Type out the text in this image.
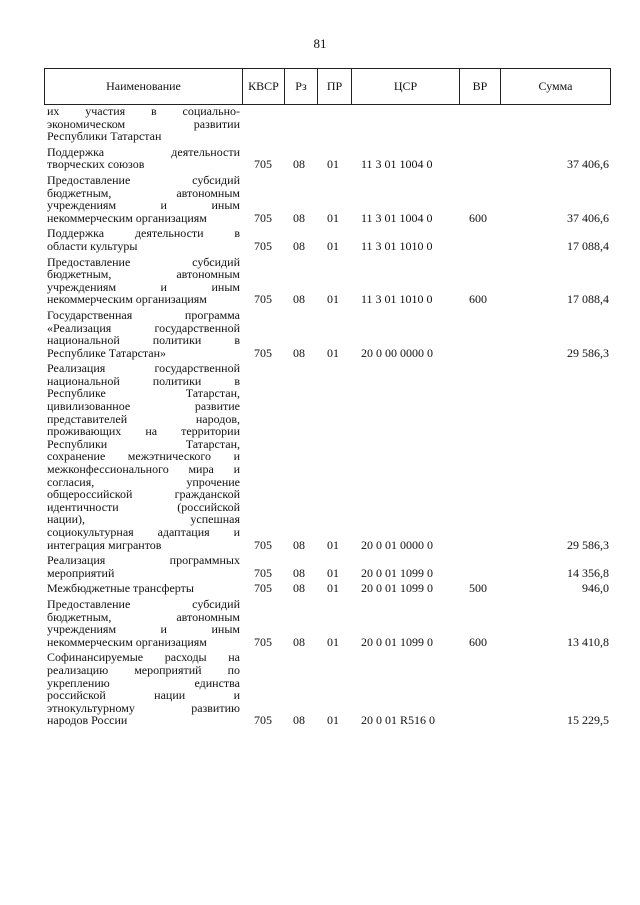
81
Наименование	КВСР	Рз	ПР	ЦСР	ВР	Сумма
их участия в социально-
экономическом развитии
Республики Татарстан
Поддержка деятельности
творческих союзов	705 08 01 11 3 01 1004 0	37 406,6
Предоставление субсидий
бюджетным, автономным
учреждениям и иным
некоммерческим организациям	705 08 01 11 3 01 1004 0	600	37 406,6
Поддержка деятельности в
области культуры	705 08 01 11 3 01 1010 0	17 088,4
Предоставление субсидий
бюджетным, автономным
учреждениям и иным
некоммерческим организациям	705 08 01 11 3 01 1010 0	600	17 088,4
Государственная программа
«Реализация государственной
национальной политики в
Республике Татарстан»	705 08 01 20 0 00 0000 0	29 586,3
Реализация государственной
национальной политики в
Республике Татарстан,
цивилизованное развитие
представителей народов,
проживающих на территории
Республики Татарстан,
сохранение межэтнического и
межконфессионального мира и
согласия, упрочение
общероссийской гражданской
идентичности (российской
нации), успешная
социокультурная адаптация и
интеграция мигрантов	705 08 01 20 0 01 0000 0	29 586,3
Реализация программных
мероприятий	705 08 01 20 0 01 1099 0	14 356,8
Межбюджетные трансферты	705 08 01 20 0 01 1099 0	500	946,0
Предоставление субсидий
бюджетным, автономным
учреждениям и иным
некоммерческим организациям	705 08 01 20 0 01 1099 0	600	13 410,8
Софинансируемые расходы на
реализацию мероприятий по
укреплению единства
российской нации и
этнокультурному развитию
народов России	705 08 01 20 0 01 R516 0	15 229,5
